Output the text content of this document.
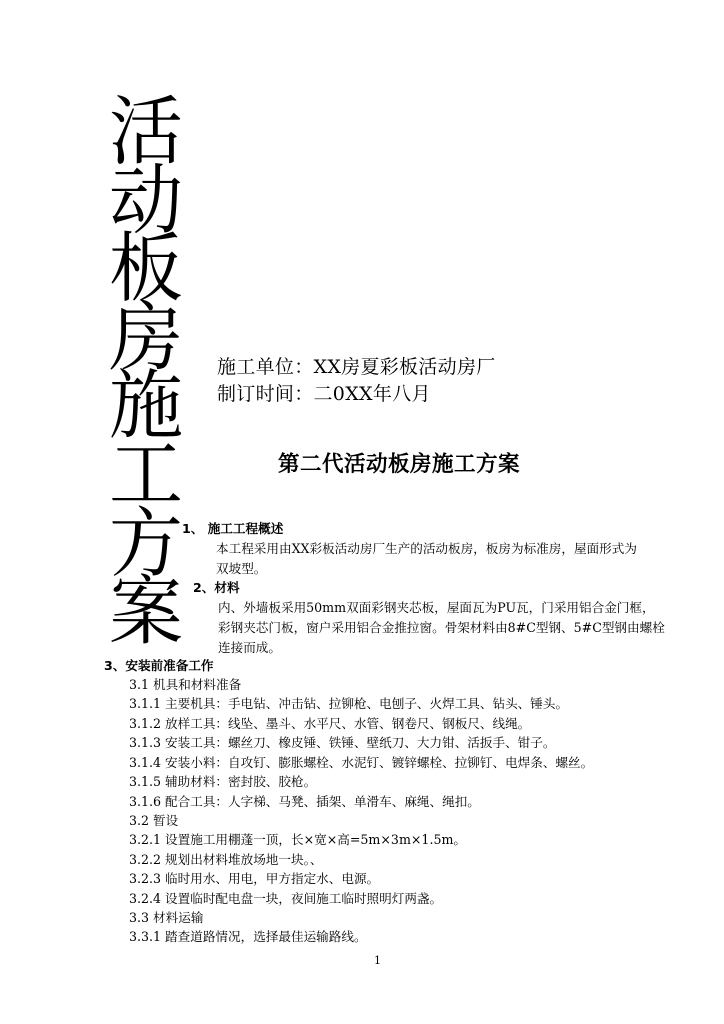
活
动
板
房
施
工
方
案
施工单位：XX房夏彩板活动房厂
制订时间：二0XX年八月
第二代活动板房施工方案
1、 施工工程概述
本工程采用由XX彩板活动房厂生产的活动板房，板房为标准房，屋面形式为
双坡型。
2、材料
内、外墙板采用50mm双面彩钢夹芯板，屋面瓦为PU瓦，门采用铝合金门框，
彩钢夹芯门板，窗户采用铝合金推拉窗。骨架材料由8#C型钢、5#C型钢由螺栓
连接而成。
3、安装前准备工作
3.1 机具和材料准备
3.1.1 主要机具：手电钻、冲击钻、拉铆枪、电刨子、火焊工具、钻头、锤头。
3.1.2 放样工具：线坠、墨斗、水平尺、水管、钢卷尺、钢板尺、线绳。
3.1.3 安装工具：螺丝刀、橡皮锤、铁锤、壁纸刀、大力钳、活扳手、钳子。
3.1.4 安装小料：自攻钉、膨胀螺栓、水泥钉、镀锌螺栓、拉铆钉、电焊条、螺丝。
3.1.5 辅助材料：密封胶、胶枪。
3.1.6 配合工具：人字梯、马凳、插架、单滑车、麻绳、绳扣。
3.2 暂设
3.2.1 设置施工用棚蓬一顶，长×宽×高=5m×3m×1.5m。
3.2.2 规划出材料堆放场地一块。、
3.2.3 临时用水、用电，甲方指定水、电源。
3.2.4 设置临时配电盘一块，夜间施工临时照明灯两盏。
3.3 材料运输
3.3.1 踏查道路情况，选择最佳运输路线。
1
